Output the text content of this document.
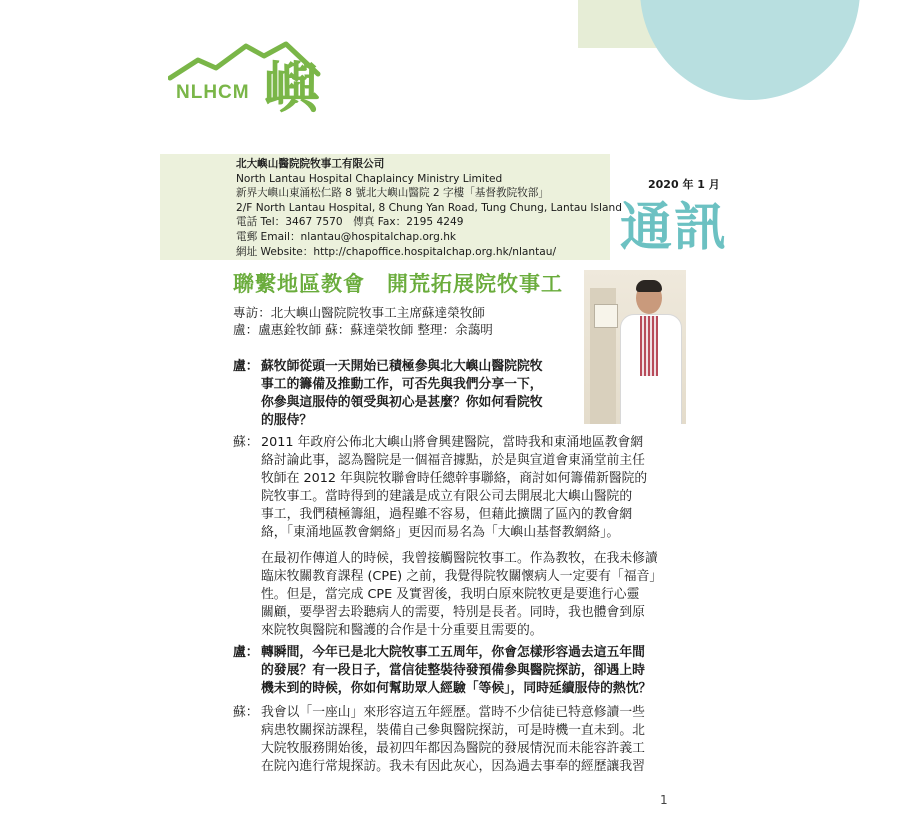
NLHCM 嶼
北大嶼山醫院院牧事工有限公司
North Lantau Hospital Chaplaincy Ministry Limited
新界大嶼山東涌松仁路 8 號北大嶼山醫院 2 字樓「基督教院牧部」
2/F North Lantau Hospital, 8 Chung Yan Road, Tung Chung, Lantau Island
電話 Tel：3467 7570　傳真 Fax：2195 4249
電郵 Email：nlantau@hospitalchap.org.hk
網址 Website：http://chapoffice.hospitalchap.org.hk/nlantau/
2020 年 1 月
通訊
聯繫地區教會 開荒拓展院牧事工
專訪：北大嶼山醫院院牧事工主席蘇達榮牧師
盧：盧惠銓牧師 蘇：蘇達榮牧師 整理：余藹明
盧： 蘇牧師從頭一天開始已積極參與北大嶼山醫院院牧
事工的籌備及推動工作，可否先與我們分享一下，
你參與這服侍的領受與初心是甚麼？你如何看院牧
的服侍？
蘇： 2011 年政府公佈北大嶼山將會興建醫院，當時我和東涌地區教會網
絡討論此事，認為醫院是一個福音據點，於是與宣道會東涌堂前主任
牧師在 2012 年與院牧聯會時任總幹事聯絡，商討如何籌備新醫院的
院牧事工。當時得到的建議是成立有限公司去開展北大嶼山醫院的
事工，我們積極籌組，過程雖不容易，但藉此擴闊了區內的教會網
絡，「東涌地區教會網絡」更因而易名為「大嶼山基督教網絡」。
在最初作傳道人的時候，我曾接觸醫院牧事工。作為教牧，在我未修讀
臨床牧關教育課程 (CPE) 之前，我覺得院牧關懷病人一定要有「福音」
性。但是，當完成 CPE 及實習後，我明白原來院牧更是要進行心靈
關顧，要學習去聆聽病人的需要，特別是長者。同時，我也體會到原
來院牧與醫院和醫護的合作是十分重要且需要的。
盧： 轉瞬間，今年已是北大院牧事工五周年，你會怎樣形容過去這五年間
的發展？有一段日子，當信徒整裝待發預備參與醫院探訪，卻遇上時
機未到的時候，你如何幫助眾人經驗「等候」，同時延續服侍的熱忱？
蘇： 我會以「一座山」來形容這五年經歷。當時不少信徒已特意修讀一些
病患牧關探訪課程，裝備自己參與醫院探訪，可是時機一直未到。北
大院牧服務開始後，最初四年都因為醫院的發展情況而未能容許義工
在院內進行常規探訪。我未有因此灰心，因為過去事奉的經歷讓我習
1
